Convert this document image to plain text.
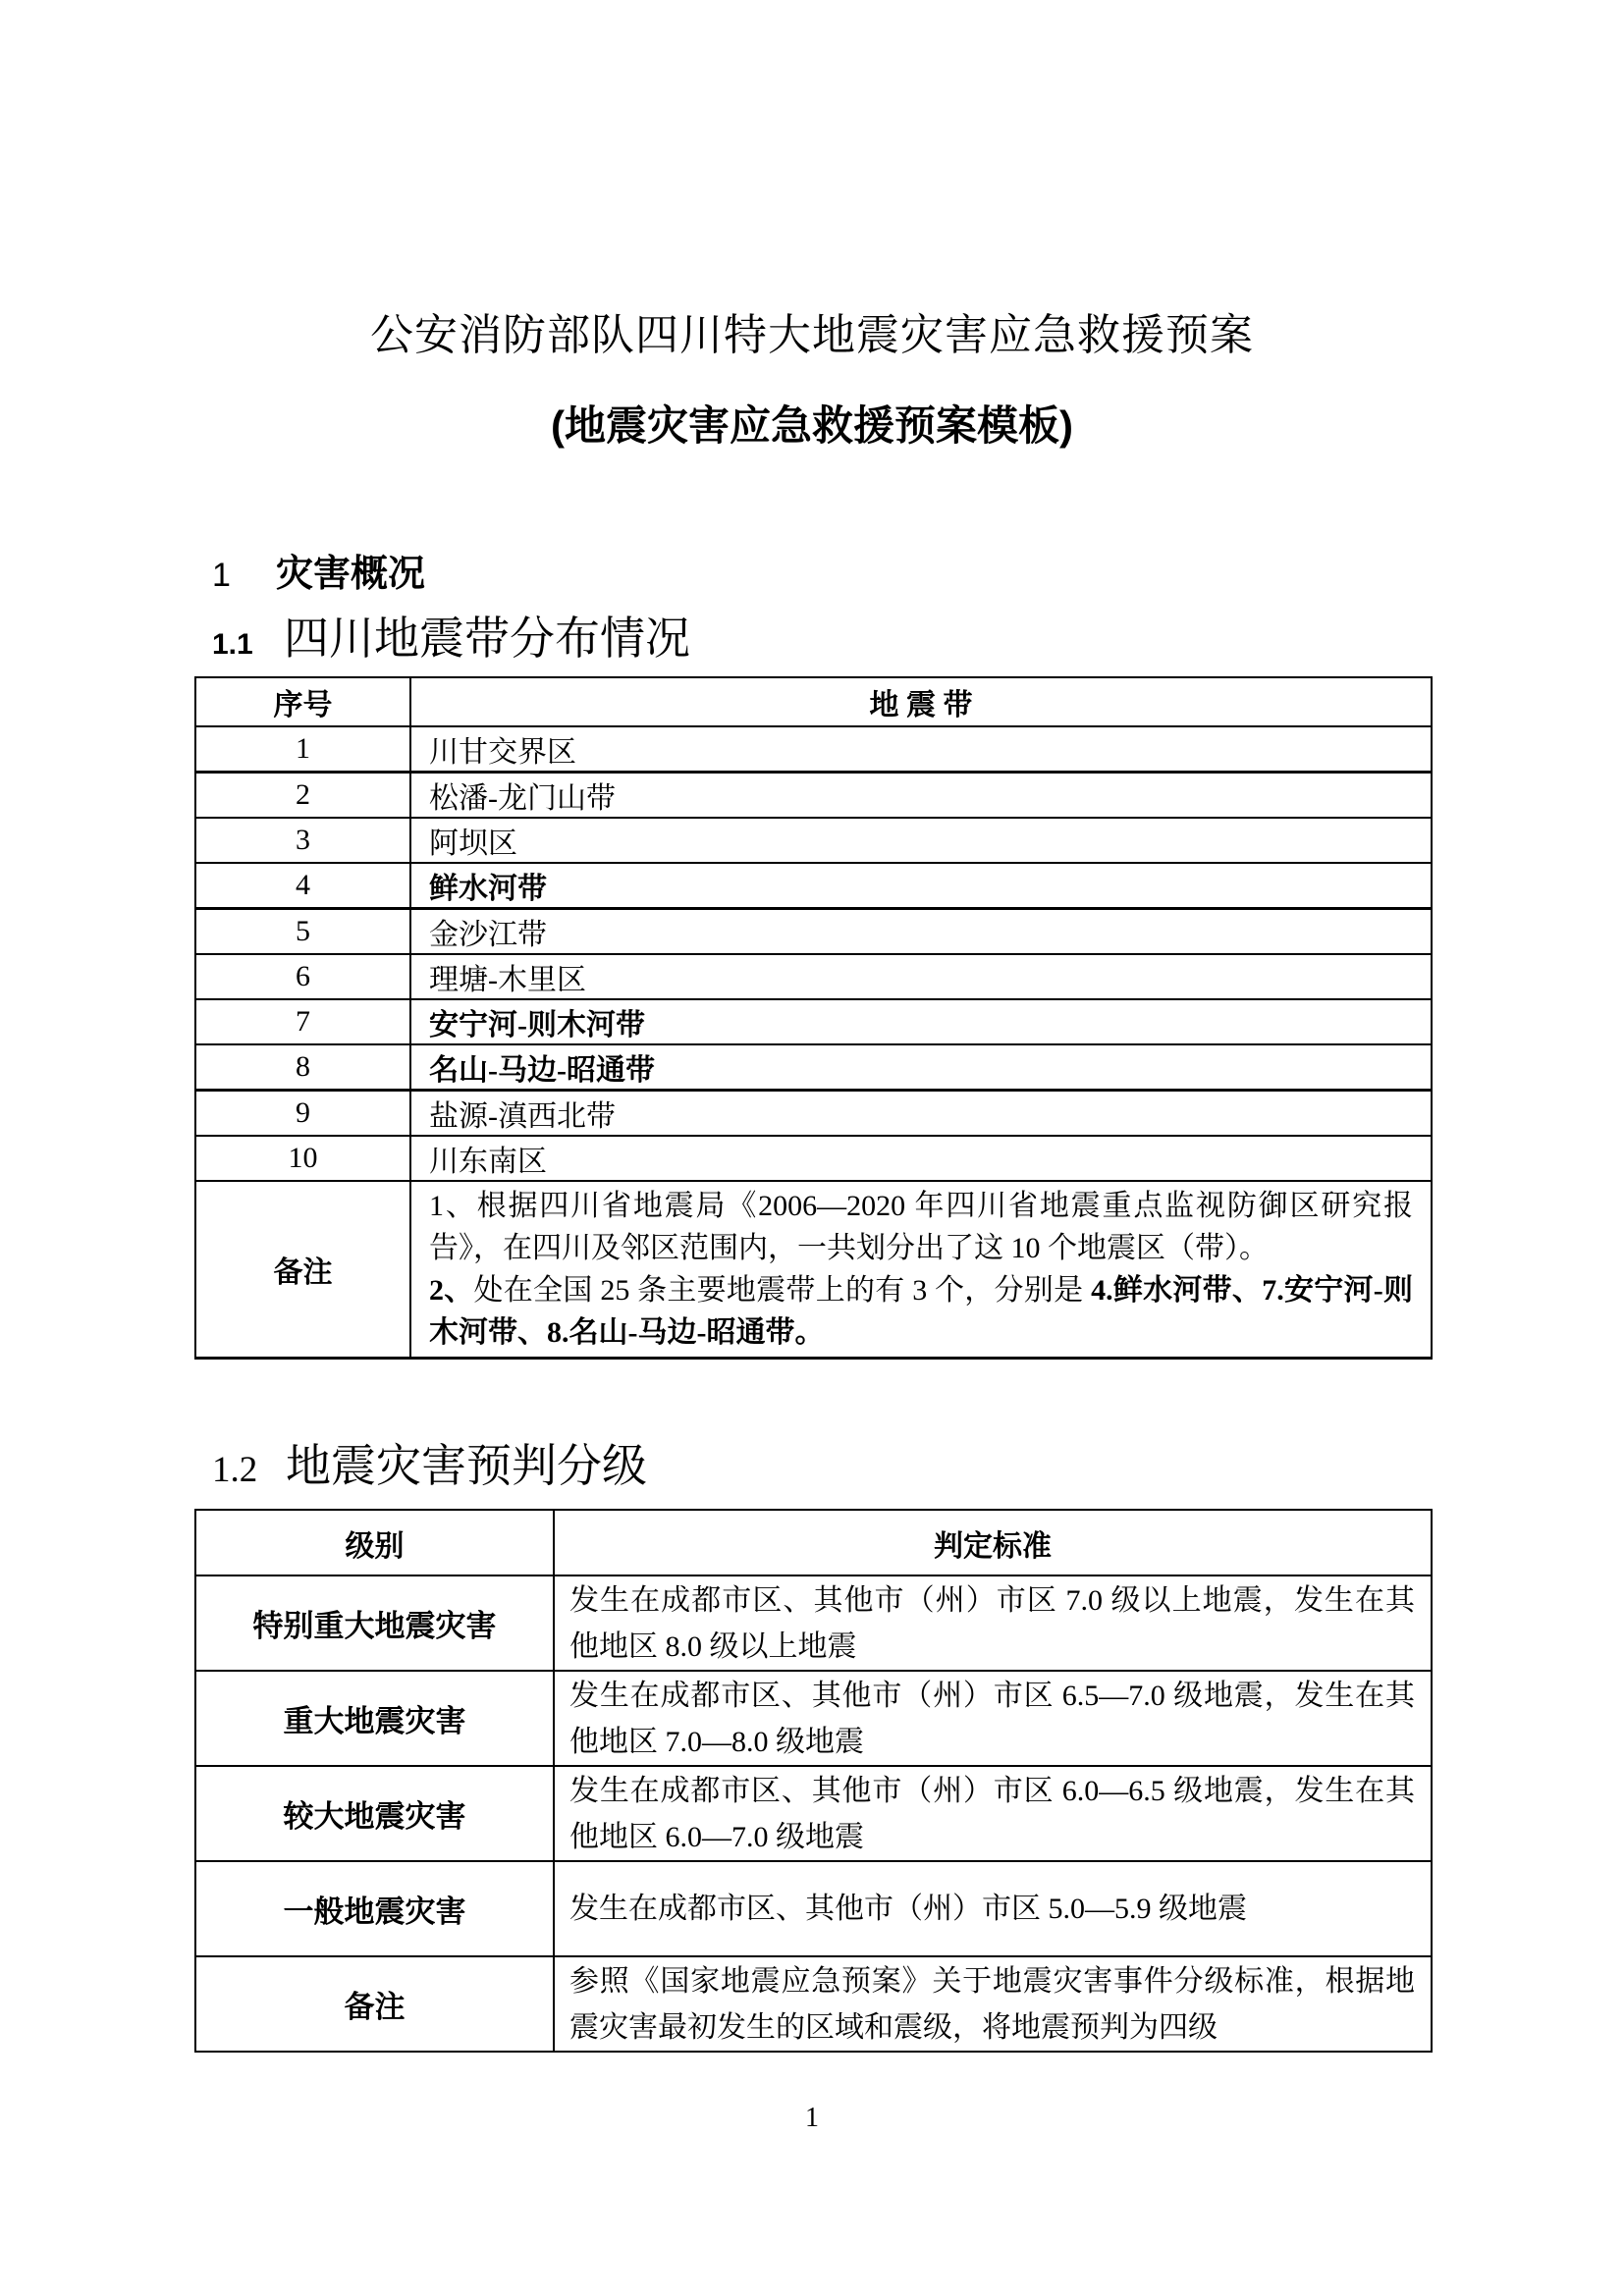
公安消防部队四川特大地震灾害应急救援预案
(地震灾害应急救援预案模板)
1 灾害概况
1.1 四川地震带分布情况
序号	地 震 带
1	川甘交界区
2	松潘-龙门山带
3	阿坝区
4	鲜水河带
5	金沙江带
6	理塘-木里区
7	安宁河-则木河带
8	名山-马边-昭通带
9	盐源-滇西北带
10	川东南区
备注	1、根据四川省地震局《2006—2020 年四川省地震重点监视防御区研究报告》，在四川及邻区范围内，一共划分出了这 10 个地震区（带）。

2、处在全国 25 条主要地震带上的有 3 个，分别是 4.鲜水河带、7.安宁河-则木河带、8.名山-马边-昭通带。

1.2 地震灾害预判分级
级别	判定标准
特别重大地震灾害	发生在成都市区、其他市（州）市区 7.0 级以上地震，发生在其他地区 8.0 级以上地震
重大地震灾害	发生在成都市区、其他市（州）市区 6.5—7.0 级地震，发生在其他地区 7.0—8.0 级地震
较大地震灾害	发生在成都市区、其他市（州）市区 6.0—6.5 级地震，发生在其他地区 6.0—7.0 级地震
一般地震灾害	发生在成都市区、其他市（州）市区 5.0—5.9 级地震
备注	参照《国家地震应急预案》关于地震灾害事件分级标准，根据地震灾害最初发生的区域和震级，将地震预判为四级
1
